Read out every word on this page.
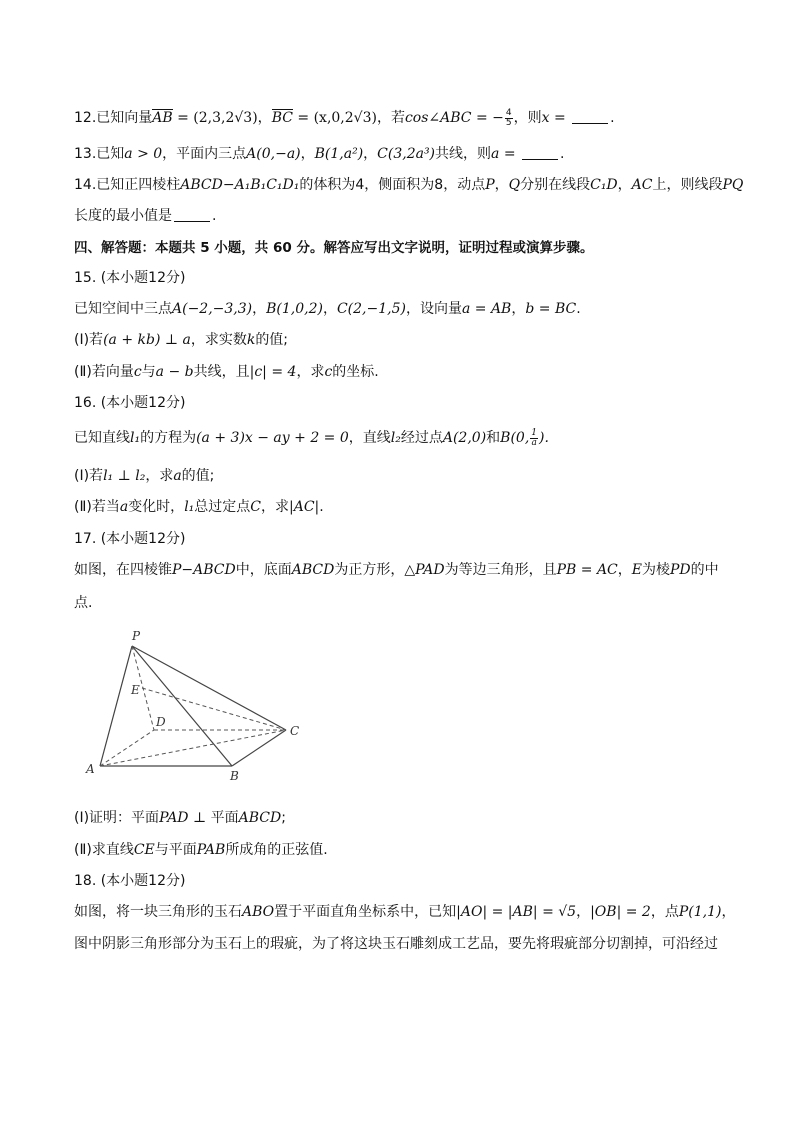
12.已知向量AB = (2,3,2√3)，BC = (x,0,2√3)，若cos∠ABC = − $\frac{4}{5}$ ，则x =	.
13.已知a > 0，平面内三点A(0,−a)，B(1,a²)，C(3,2a³)共线，则a =	.
14.已知正四棱柱ABCD−A₁B₁C₁D₁的体积为4，侧面积为8，动点P，Q分别在线段C₁D，AC上，则线段PQ
长度的最小值是	.
四、解答题：本题共 5 小题，共 60 分。解答应写出文字说明，证明过程或演算步骤。
15. (本小题12分)
已知空间中三点A(−2,−3,3)，B(1,0,2)，C(2,−1,5)，设向量a = AB，b = BC.
(Ⅰ)若(a + kb) ⊥ a，求实数k的值;
(Ⅱ)若向量c与a − b共线，且|c| = 4，求c的坐标.
16. (本小题12分)
已知直线l₁的方程为(a + 3)x − ay + 2 = 0，直线l₂经过点A(2,0)和B(0, $\frac{1}{a}$ ).
(Ⅰ)若l₁ ⊥ l₂，求a的值;
(Ⅱ)若当a变化时，l₁总过定点C，求|AC|.
17. (本小题12分)
如图，在四棱锥P−ABCD中，底面ABCD为正方形，△PAD为等边三角形，且PB = AC，E为棱PD的中
点.
P
E
D
C
A	B
(Ⅰ)证明：平面PAD ⊥ 平面ABCD;
(Ⅱ)求直线CE与平面PAB所成角的正弦值.
18. (本小题12分)
如图，将一块三角形的玉石ABO置于平面直角坐标系中，已知|AO| = |AB| = √5，|OB| = 2，点P(1,1)，
图中阴影三角形部分为玉石上的瑕疵，为了将这块玉石雕刻成工艺品，要先将瑕疵部分切割掉，可沿经过
